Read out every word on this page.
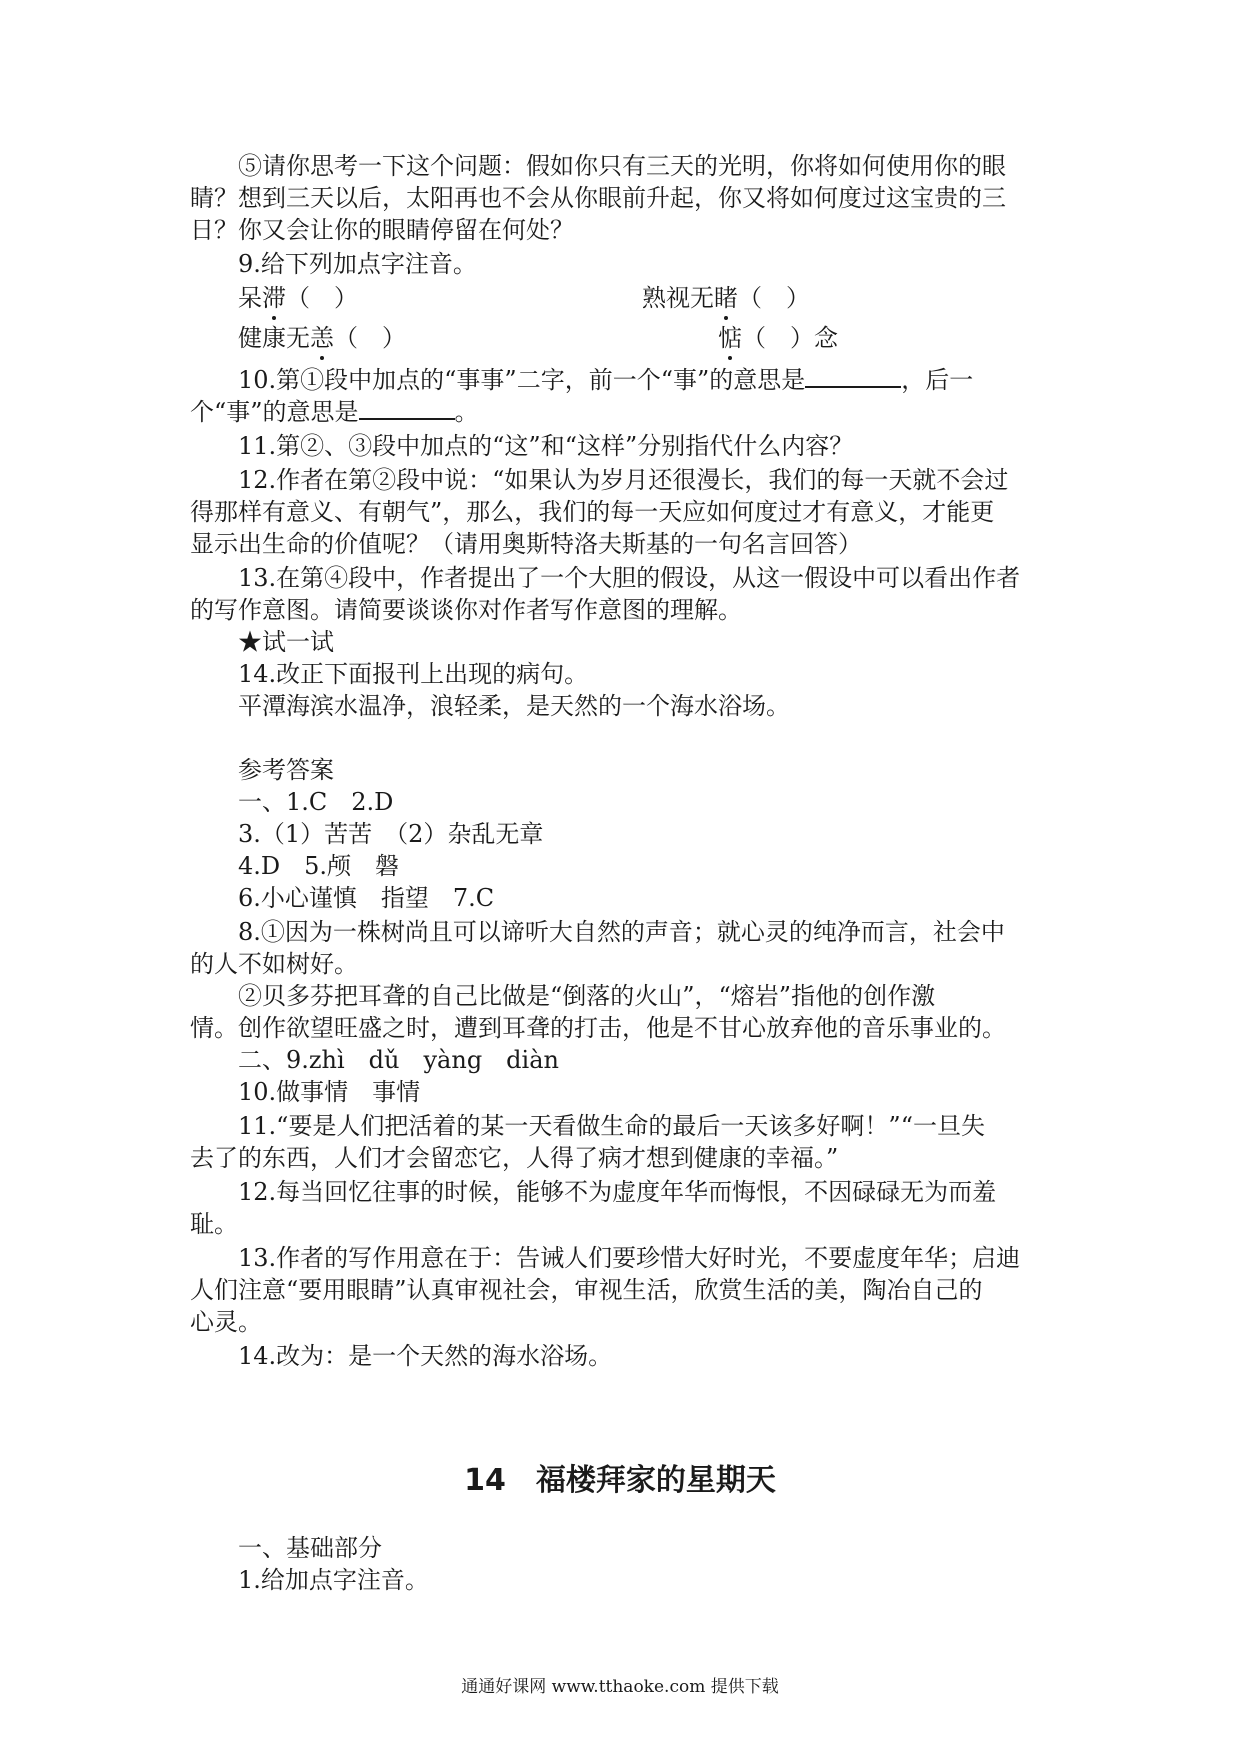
⑤请你思考一下这个问题：假如你只有三天的光明，你将如何使用你的眼
睛？想到三天以后，太阳再也不会从你眼前升起，你又将如何度过这宝贵的三
日？你又会让你的眼睛停留在何处？
9.给下列加点字注音。
呆滞（　）	熟视无睹（　）
健康无恙（　）	惦（　）念
10.第①段中加点的“事事”二字，前一个“事”的意思是	，后一
个“事”的意思是	。
11.第②、③段中加点的“这”和“这样”分别指代什么内容？
12.作者在第②段中说：“如果认为岁月还很漫长，我们的每一天就不会过
得那样有意义、有朝气”，那么，我们的每一天应如何度过才有意义，才能更
显示出生命的价值呢？（请用奥斯特洛夫斯基的一句名言回答）
13.在第④段中，作者提出了一个大胆的假设，从这一假设中可以看出作者
的写作意图。请简要谈谈你对作者写作意图的理解。
★试一试
14.改正下面报刊上出现的病句。
平潭海滨水温净，浪轻柔，是天然的一个海水浴场。
参考答案
一、1.C　2.D
3.（1）苦苦　（2）杂乱无章
4.D　5.颅　磐
6.小心谨慎　指望　7.C
8.①因为一株树尚且可以谛听大自然的声音；就心灵的纯净而言，社会中
的人不如树好。
②贝多芬把耳聋的自己比做是“倒落的火山”，“熔岩”指他的创作激
情。创作欲望旺盛之时，遭到耳聋的打击，他是不甘心放弃他的音乐事业的。
二、9.zhì　dǔ　yàng　diàn
10.做事情　事情
11.“要是人们把活着的某一天看做生命的最后一天该多好啊！”“一旦失
去了的东西，人们才会留恋它，人得了病才想到健康的幸福。”
12.每当回忆往事的时候，能够不为虚度年华而悔恨，不因碌碌无为而羞
耻。
13.作者的写作用意在于：告诫人们要珍惜大好时光，不要虚度年华；启迪
人们注意“要用眼睛”认真审视社会，审视生活，欣赏生活的美，陶冶自己的
心灵。
14.改为：是一个天然的海水浴场。
14　福楼拜家的星期天
一、基础部分
1.给加点字注音。
通通好课网 www.tthaoke.com 提供下载
